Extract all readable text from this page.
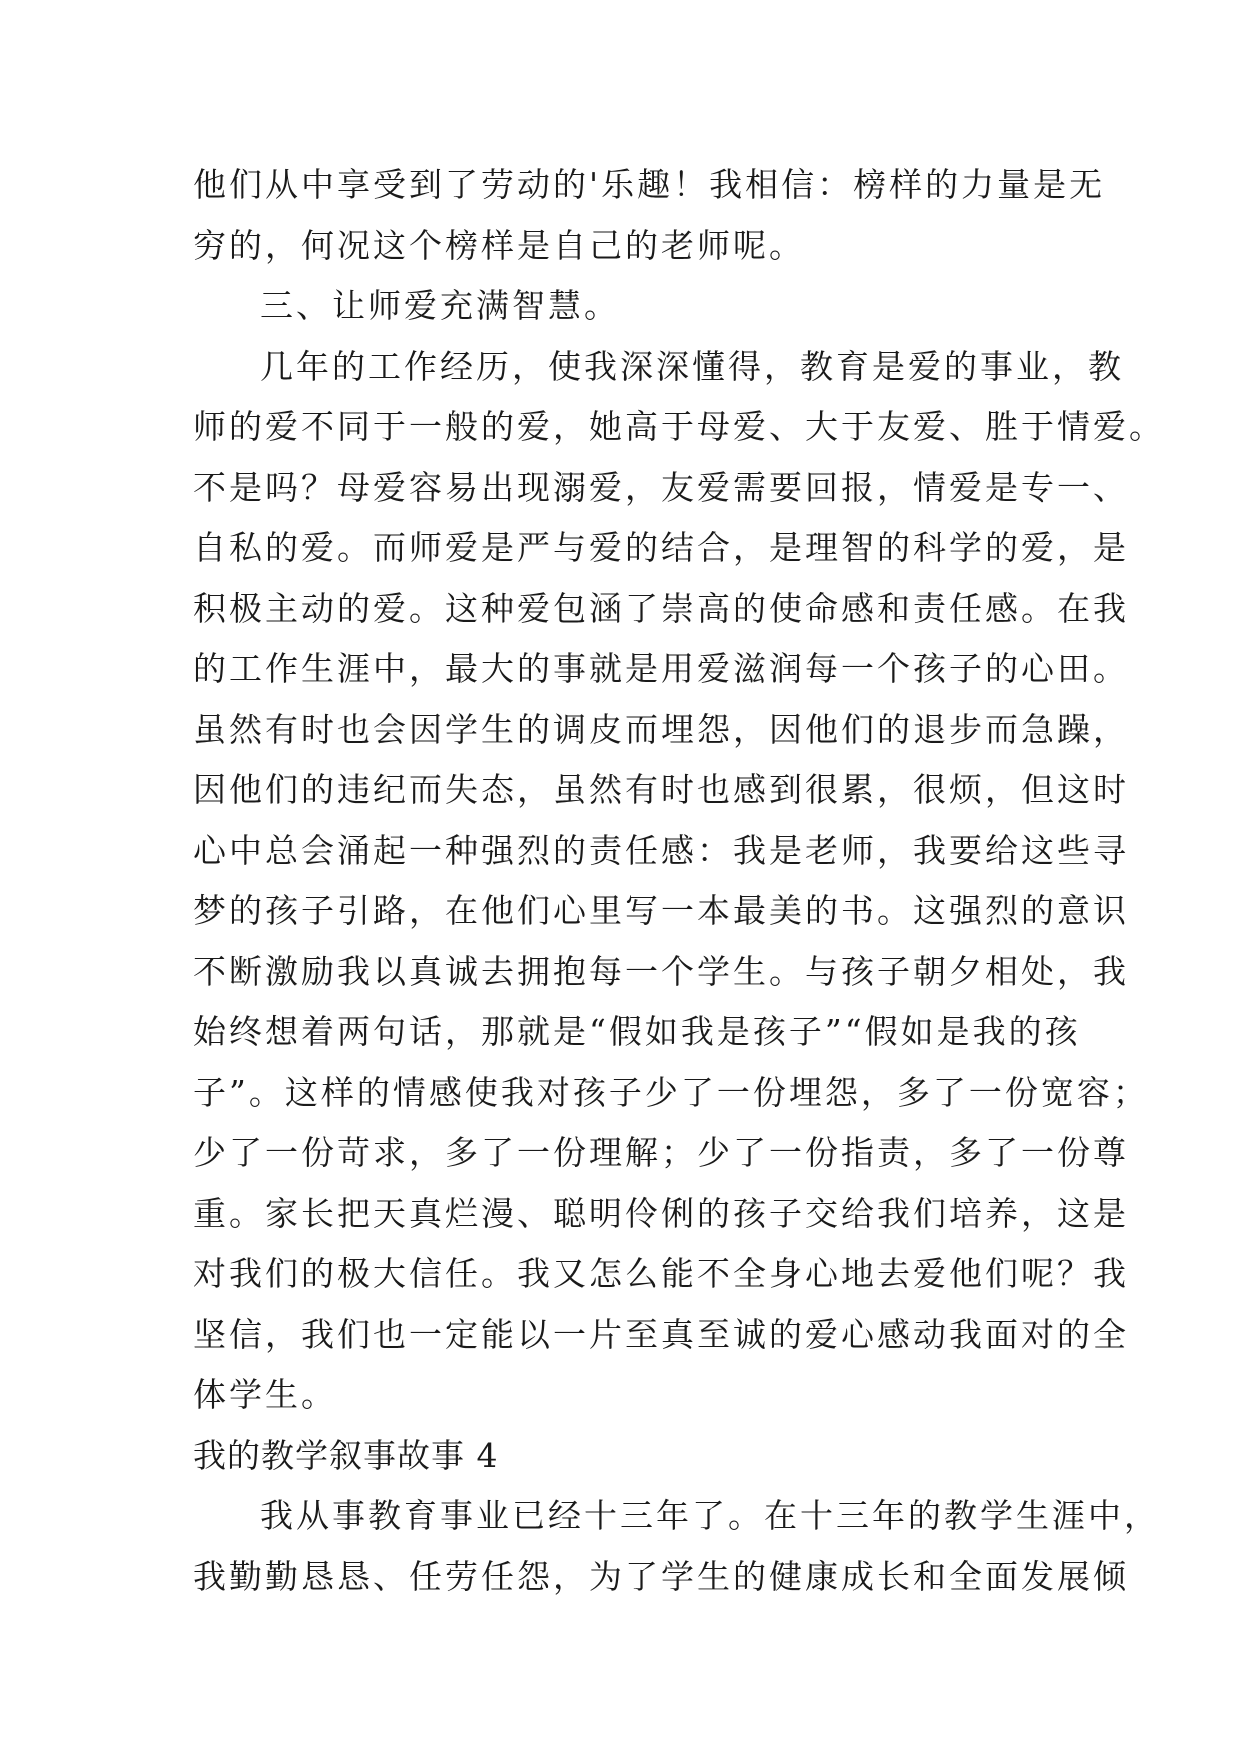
他们从中享受到了劳动的'乐趣！我相信：榜样的力量是无
穷的，何况这个榜样是自己的老师呢。
三、让师爱充满智慧。
几年的工作经历，使我深深懂得，教育是爱的事业，教
师的爱不同于一般的爱，她高于母爱、大于友爱、胜于情爱。
不是吗？母爱容易出现溺爱，友爱需要回报，情爱是专一、
自私的爱。而师爱是严与爱的结合，是理智的科学的爱，是
积极主动的爱。这种爱包涵了崇高的使命感和责任感。在我
的工作生涯中，最大的事就是用爱滋润每一个孩子的心田。
虽然有时也会因学生的调皮而埋怨，因他们的退步而急躁，
因他们的违纪而失态，虽然有时也感到很累，很烦，但这时
心中总会涌起一种强烈的责任感：我是老师，我要给这些寻
梦的孩子引路，在他们心里写一本最美的书。这强烈的意识
不断激励我以真诚去拥抱每一个学生。与孩子朝夕相处，我
始终想着两句话，那就是“假如我是孩子”“假如是我的孩
子”。这样的情感使我对孩子少了一份埋怨，多了一份宽容；
少了一份苛求，多了一份理解；少了一份指责，多了一份尊
重。家长把天真烂漫、聪明伶俐的孩子交给我们培养，这是
对我们的极大信任。我又怎么能不全身心地去爱他们呢？我
坚信，我们也一定能以一片至真至诚的爱心感动我面对的全
体学生。
我的教学叙事故事 4
我从事教育事业已经十三年了。在十三年的教学生涯中，
我勤勤恳恳、任劳任怨，为了学生的健康成长和全面发展倾
